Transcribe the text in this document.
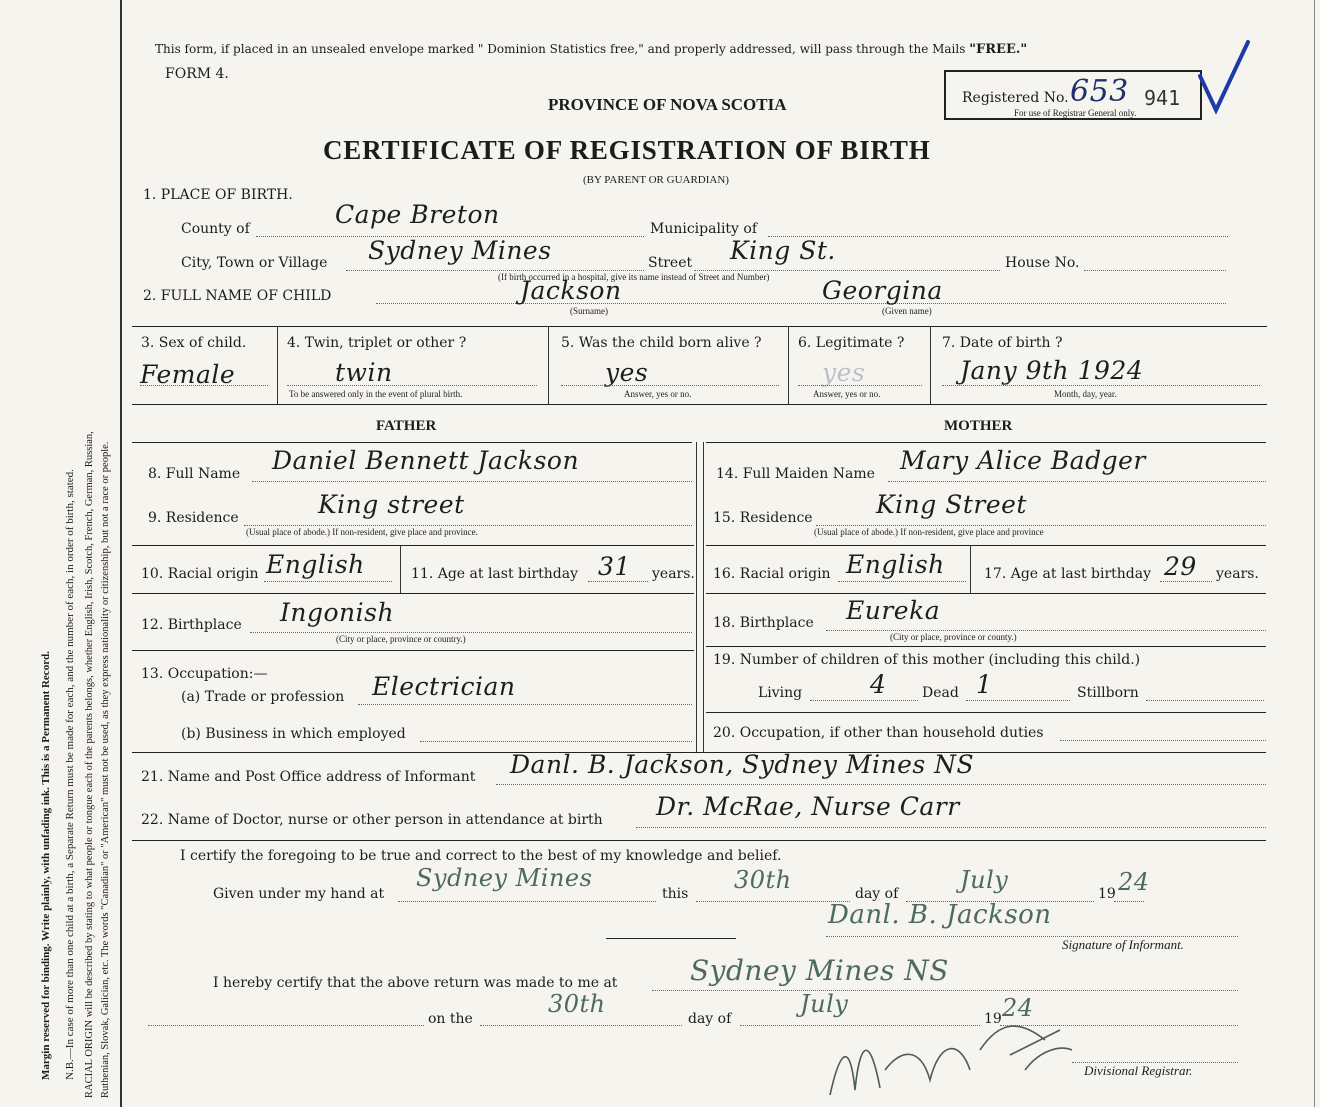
Margin reserved for binding. Write plainly, with unfading ink. This is a Permanent Record. N.B.—In case of more than one child at a birth, a Separate Return must be made for each, and the number of each, in order of birth, stated. RACIAL ORIGIN will be described by stating to what people or tongue each of the parents belongs, whether English, Irish, Scotch, French, German, Russian, Ruthenian, Slovak, Galician, etc. The words "Canadian" or "American" must not be used, as they express nationality or citizenship, but not a race or people.
This form, if placed in an unsealed envelope marked " Dominion Statistics free," and properly addressed, will pass through the Mails "FREE."
FORM 4.
PROVINCE OF NOVA SCOTIA
CERTIFICATE OF REGISTRATION OF BIRTH
(BY PARENT OR GUARDIAN)
Registered No. 653 941
For use of Registrar General only.
1. PLACE OF BIRTH.
County of	Cape Breton	Municipality of
City, Town or Village Sydney Mines	Street King St.	House No.
(If birth occurred in a hospital, give its name instead of Street and Number)
2. FULL NAME OF CHILD	Jackson
(Surname)
Georgina
(Given name)
3. Sex of child.
Female
4. Twin, triplet or other ?
twin
To be answered only in the event of plural birth.
5. Was the child born alive ?
yes
Answer, yes or no.
6. Legitimate ?
yes
Answer, yes or no.
7. Date of birth ?
Jany 9th 1924
Month, day, year.
FATHER	MOTHER
8. Full Name Daniel Bennett Jackson
9. Residence	King street
(Usual place of abode.) If non-resident, give place and province.
10. Racial origin English	11. Age at last birthday 31 years.
12. Birthplace Ingonish
(City or place, province or country.)
13. Occupation:—
(a) Trade or profession Electrician
(b) Business in which employed
14. Full Maiden Name Mary Alice Badger
15. Residence	King Street
(Usual place of abode.) If non-resident, give place and province
16. Racial origin English	17. Age at last birthday 29 years.
18. Birthplace Eureka
(City or place, province or county.)
19. Number of children of this mother (including this child.)
Living	4	Dead 1	Stillborn
20. Occupation, if other than household duties
21. Name and Post Office address of Informant Danl. B. Jackson, Sydney Mines NS
22. Name of Doctor, nurse or other person in attendance at birth Dr. McRae, Nurse Carr
I certify the foregoing to be true and correct to the best of my knowledge and belief.
Given under my hand at
Sydney Mines
this 30th	day of	July	19 24
Danl. B. Jackson
Signature of Informant.
I hereby certify that the above return was made to me at	Sydney Mines NS
on the
30th
day of
July
19 24
Divisional Registrar.
